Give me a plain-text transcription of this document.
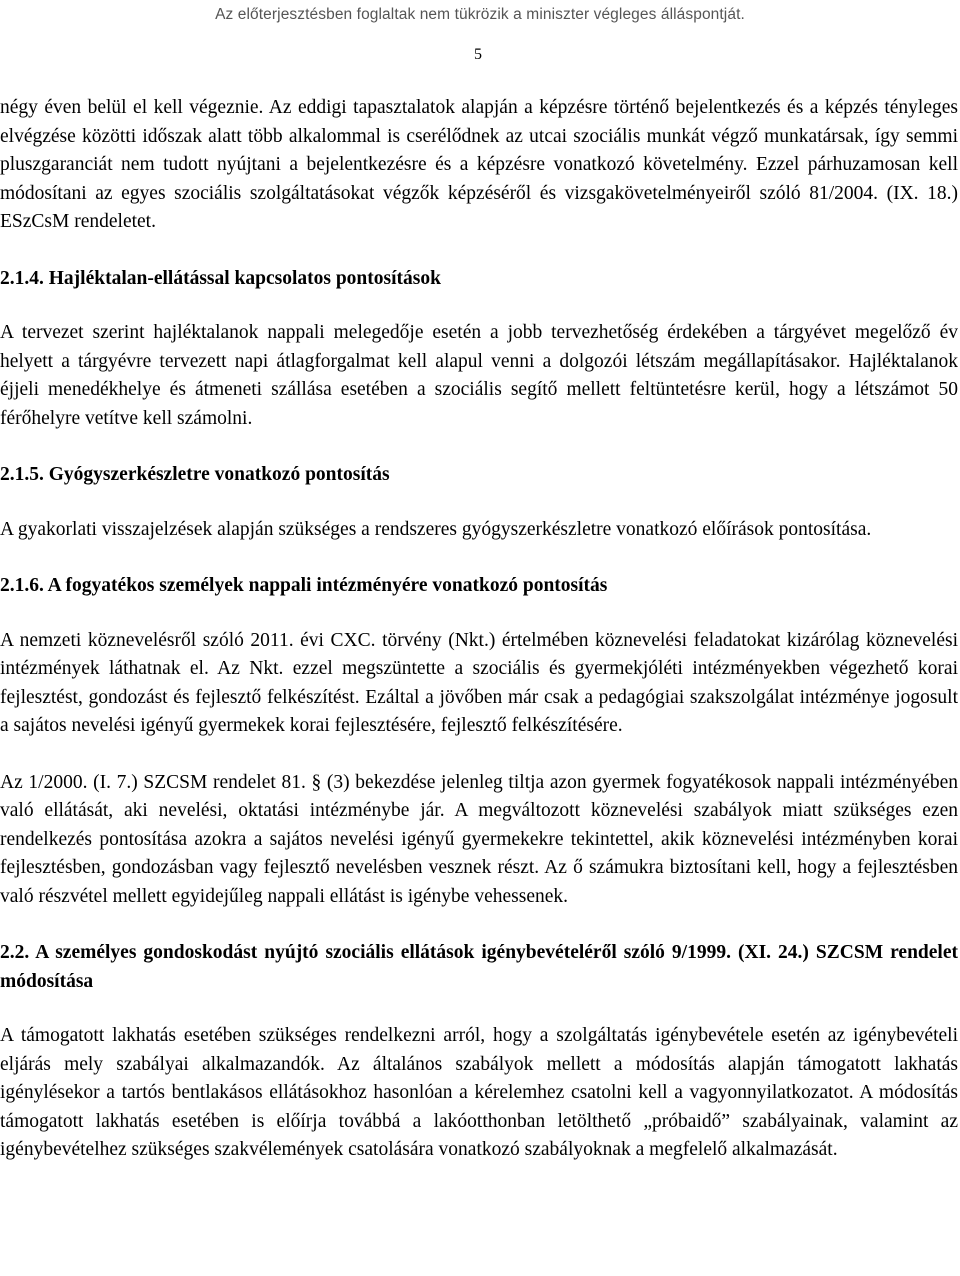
Az előterjesztésben foglaltak nem tükrözik a miniszter végleges álláspontját.
5

négy éven belül el kell végeznie. Az eddigi tapasztalatok alapján a képzésre történő bejelentkezés és a képzés tényleges elvégzése közötti időszak alatt több alkalommal is cserélődnek az utcai szociális munkát végző munkatársak, így semmi pluszgaranciát nem tudott nyújtani a bejelentkezésre és a képzésre vonatkozó követelmény. Ezzel párhuzamosan kell módosítani az egyes szociális szolgáltatásokat végzők képzéséről és vizsgakövetelményeiről szóló 81/2004. (IX. 18.) ESzCsM rendeletet.

2.1.4. Hajléktalan-ellátással kapcsolatos pontosítások

A tervezet szerint hajléktalanok nappali melegedője esetén a jobb tervezhetőség érdekében a tárgyévet megelőző év helyett a tárgyévre tervezett napi átlagforgalmat kell alapul venni a dolgozói létszám megállapításakor. Hajléktalanok éjjeli menedékhelye és átmeneti szállása esetében a szociális segítő mellett feltüntetésre kerül, hogy a létszámot 50 férőhelyre vetítve kell számolni.

2.1.5. Gyógyszerkészletre vonatkozó pontosítás

A gyakorlati visszajelzések alapján szükséges a rendszeres gyógyszerkészletre vonatkozó előírások pontosítása.

2.1.6. A fogyatékos személyek nappali intézményére vonatkozó pontosítás

A nemzeti köznevelésről szóló 2011. évi CXC. törvény (Nkt.) értelmében köznevelési feladatokat kizárólag köznevelési intézmények láthatnak el. Az Nkt. ezzel megszüntette a szociális és gyermekjóléti intézményekben végezhető korai fejlesztést, gondozást és fejlesztő felkészítést. Ezáltal a jövőben már csak a pedagógiai szakszolgálat intézménye jogosult a sajátos nevelési igényű gyermekek korai fejlesztésére, fejlesztő felkészítésére.

Az 1/2000. (I. 7.) SZCSM rendelet 81. § (3) bekezdése jelenleg tiltja azon gyermek fogyatékosok nappali intézményében való ellátását, aki nevelési, oktatási intézménybe jár. A megváltozott köznevelési szabályok miatt szükséges ezen rendelkezés pontosítása azokra a sajátos nevelési igényű gyermekekre tekintettel, akik köznevelési intézményben korai fejlesztésben, gondozásban vagy fejlesztő nevelésben vesznek részt. Az ő számukra biztosítani kell, hogy a fejlesztésben való részvétel mellett egyidejűleg nappali ellátást is igénybe vehessenek.

2.2. A személyes gondoskodást nyújtó szociális ellátások igénybevételéről szóló 9/1999. (XI. 24.) SZCSM rendelet módosítása

A támogatott lakhatás esetében szükséges rendelkezni arról, hogy a szolgáltatás igénybevétele esetén az igénybevételi eljárás mely szabályai alkalmazandók. Az általános szabályok mellett a módosítás alapján támogatott lakhatás igénylésekor a tartós bentlakásos ellátásokhoz hasonlóan a kérelemhez csatolni kell a vagyonnyilatkozatot. A módosítás támogatott lakhatás esetében is előírja továbbá a lakóotthonban letölthető „próbaidő” szabályainak, valamint az igénybevételhez szükséges szakvélemények csatolására vonatkozó szabályoknak a megfelelő alkalmazását.
